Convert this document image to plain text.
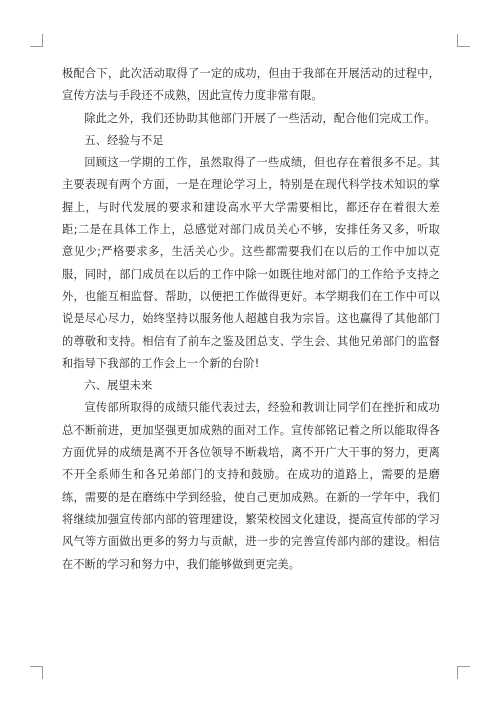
极配合下，此次活动取得了一定的成功，但由于我部在开展活动的过程中，宣传方法与手段还不成熟，因此宣传力度非常有限。

除此之外，我们还协助其他部门开展了一些活动，配合他们完成工作。

五、经验与不足

回顾这一学期的工作，虽然取得了一些成绩，但也存在着很多不足。其主要表现有两个方面，一是在理论学习上，特别是在现代科学技术知识的掌握上，与时代发展的要求和建设高水平大学需要相比，都还存在着很大差距;二是在具体工作上，总感觉对部门成员关心不够，安排任务又多，听取意见少;严格要求多，生活关心少。这些都需要我们在以后的工作中加以克服，同时，部门成员在以后的工作中除一如既往地对部门的工作给予支持之外，也能互相监督、帮助，以便把工作做得更好。本学期我们在工作中可以说是尽心尽力，始终坚持以服务他人超越自我为宗旨。这也赢得了其他部门的尊敬和支持。相信有了前车之鉴及团总支、学生会、其他兄弟部门的监督和指导下我部的工作会上一个新的台阶!

六、展望未来

宣传部所取得的成绩只能代表过去，经验和教训让同学们在挫折和成功总不断前进，更加坚强更加成熟的面对工作。宣传部铭记着之所以能取得各方面优异的成绩是离不开各位领导不断栽培，离不开广大干事的努力，更离不开全系师生和各兄弟部门的支持和鼓励。在成功的道路上，需要的是磨练，需要的是在磨练中学到经验，使自己更加成熟。在新的一学年中，我们将继续加强宣传部内部的管理建设，繁荣校园文化建设，提高宣传部的学习风气等方面做出更多的努力与贡献，进一步的完善宣传部内部的建设。相信在不断的学习和努力中，我们能够做到更完美。
